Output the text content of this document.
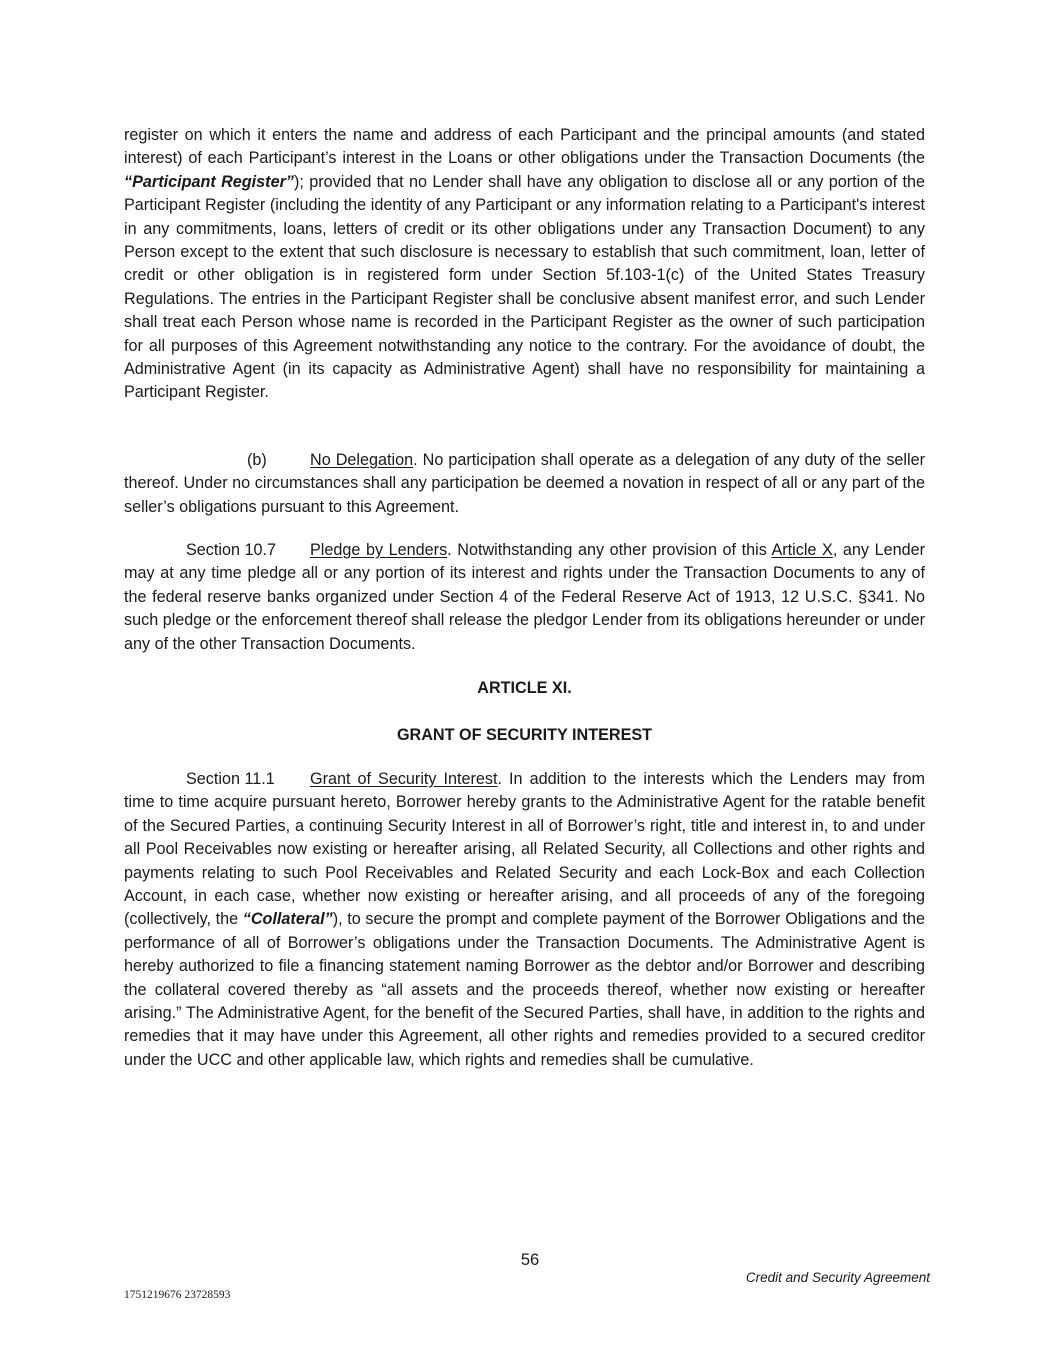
register on which it enters the name and address of each Participant and the principal amounts (and stated interest) of each Participant’s interest in the Loans or other obligations under the Transaction Documents (the “Participant Register”); provided that no Lender shall have any obligation to disclose all or any portion of the Participant Register (including the identity of any Participant or any information relating to a Participant's interest in any commitments, loans, letters of credit or its other obligations under any Transaction Document) to any Person except to the extent that such disclosure is necessary to establish that such commitment, loan, letter of credit or other obligation is in registered form under Section 5f.103-1(c) of the United States Treasury Regulations. The entries in the Participant Register shall be conclusive absent manifest error, and such Lender shall treat each Person whose name is recorded in the Participant Register as the owner of such participation for all purposes of this Agreement notwithstanding any notice to the contrary. For the avoidance of doubt, the Administrative Agent (in its capacity as Administrative Agent) shall have no responsibility for maintaining a Participant Register.
(b)	No Delegation. No participation shall operate as a delegation of any duty of the seller thereof. Under no circumstances shall any participation be deemed a novation in respect of all or any part of the seller’s obligations pursuant to this Agreement.
Section 10.7 Pledge by Lenders. Notwithstanding any other provision of this Article X, any Lender may at any time pledge all or any portion of its interest and rights under the Transaction Documents to any of the federal reserve banks organized under Section 4 of the Federal Reserve Act of 1913, 12 U.S.C. §341. No such pledge or the enforcement thereof shall release the pledgor Lender from its obligations hereunder or under any of the other Transaction Documents.
ARTICLE XI.
GRANT OF SECURITY INTEREST
Section 11.1 Grant of Security Interest. In addition to the interests which the Lenders may from time to time acquire pursuant hereto, Borrower hereby grants to the Administrative Agent for the ratable benefit of the Secured Parties, a continuing Security Interest in all of Borrower’s right, title and interest in, to and under all Pool Receivables now existing or hereafter arising, all Related Security, all Collections and other rights and payments relating to such Pool Receivables and Related Security and each Lock-Box and each Collection Account, in each case, whether now existing or hereafter arising, and all proceeds of any of the foregoing (collectively, the “Collateral”), to secure the prompt and complete payment of the Borrower Obligations and the performance of all of Borrower’s obligations under the Transaction Documents. The Administrative Agent is hereby authorized to file a financing statement naming Borrower as the debtor and/or Borrower and describing the collateral covered thereby as “all assets and the proceeds thereof, whether now existing or hereafter arising.” The Administrative Agent, for the benefit of the Secured Parties, shall have, in addition to the rights and remedies that it may have under this Agreement, all other rights and remedies provided to a secured creditor under the UCC and other applicable law, which rights and remedies shall be cumulative.
56
Credit and Security Agreement
1751219676 23728593
